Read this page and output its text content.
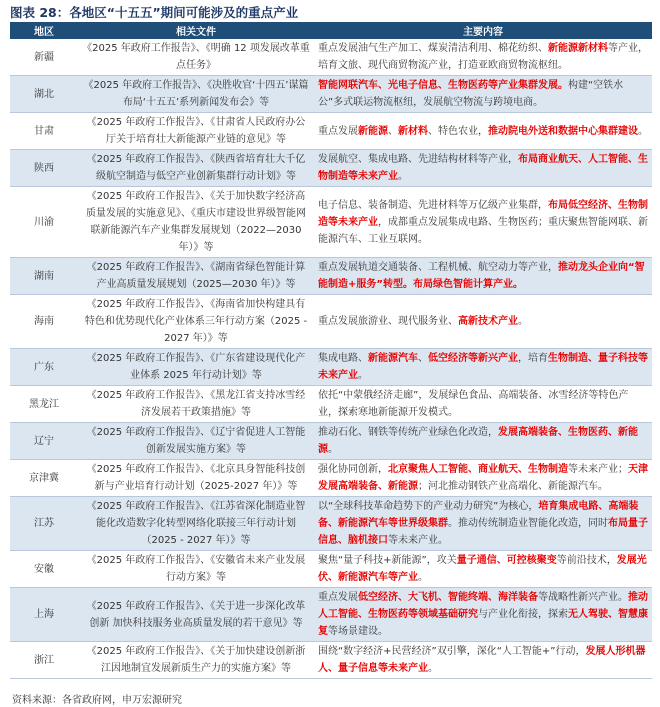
图表 28：各地区“十五五”期间可能涉及的重点产业
地区	相关文件	主要内容
新疆	《2025 年政府工作报告》、《明确 12 项发展改革重点任务》	重点发展油气生产加工、煤炭清洁利用、棉花纺织、新能源新材料等产业，培育文旅、现代商贸物流产业，打造亚欧商贸物流枢纽。
湖北	《2025 年政府工作报告》、《决胜收官‘十四五’谋篇布局‘十五五’系列新闻发布会》等	智能网联汽车、光电子信息、生物医药等产业集群发展。构建“空铁水公”多式联运物流枢纽，发展航空物流与跨境电商。
甘肃	《2025 年政府工作报告》、《甘肃省人民政府办公厅关于培育壮大新能源产业链的意见》等	重点发展新能源、新材料、特色农业，推动院电外送和数据中心集群建设。
陕西	《2025 年政府工作报告》、《陕西省培育壮大千亿级航空制造与低空产业创新集群行动计划》等	发展航空、集成电路、先进结构材料等产业，布局商业航天、人工智能、生物制造等未来产业。
川渝	《2025 年政府工作报告》、《关于加快数字经济高质量发展的实施意见》、《重庆市建设世界级智能网联新能源汽车产业集群发展规划（2022—2030 年）》等	电子信息、装备制造、先进材料等万亿级产业集群，布局低空经济、生物制造等未来产业，成都重点发展集成电路、生物医药；重庆聚焦智能网联、新能源汽车、工业互联网。
湖南	《2025 年政府工作报告》、《湖南省绿色智能计算产业高质量发展规划（2025—2030 年）》等	重点发展轨道交通装备、工程机械、航空动力等产业，推动龙头企业向“智能制造+服务”转型。布局绿色智能计算产业。
海南	《2025 年政府工作报告》、《海南省加快构建具有特色和优势现代化产业体系三年行动方案（2025 - 2027 年）》等	重点发展旅游业、现代服务业、高新技术产业。
广东	《2025 年政府工作报告》、《广东省建设现代化产业体系 2025 年行动计划》等	集成电路、新能源汽车、低空经济等新兴产业，培育生物制造、量子科技等未来产业。
黑龙江	《2025 年政府工作报告》、《黑龙江省支持冰雪经济发展若干政策措施》等	依托“中蒙俄经济走廊”，发展绿色食品、高端装备、冰雪经济等特色产业，探索寒地新能源开发模式。
辽宁	《2025 年政府工作报告》、《辽宁省促进人工智能创新发展实施方案》等	推动石化、钢铁等传统产业绿色化改造，发展高端装备、生物医药、新能源。
京津冀	《2025 年政府工作报告》、《北京具身智能科技创新与产业培育行动计划（2025-2027 年）》等	强化协同创新，北京聚焦人工智能、商业航天、生物制造等未来产业；天津发展高端装备、新能源；河北推动钢铁产业高端化、新能源汽车。
江苏	《2025 年政府工作报告》、《江苏省深化制造业智能化改造数字化转型网络化联接三年行动计划（2025 - 2027 年）》等	以“全球科技革命趋势下的产业动力研究”为核心，培育集成电路、高端装备、新能源汽车等世界级集群。推动传统制造业智能化改造，同时布局量子信息、脑机接口等未来产业。
安徽	《2025 年政府工作报告》、《安徽省未来产业发展行动方案》等	聚焦“量子科技+新能源”，攻关量子通信、可控核聚变等前沿技术，发展光伏、新能源汽车等产业。
上海	《2025 年政府工作报告》、《关于进一步深化改革创新 加快科技服务业高质量发展的若干意见》等	重点发展低空经济、大飞机、智能终端、海洋装备等战略性新兴产业。推动人工智能、生物医药等领域基础研究与产业化衔接，探索无人驾驶、智慧康复等场景建设。
浙江	《2025 年政府工作报告》、《关于加快建设创新浙江因地制宜发展新质生产力的实施方案》等	围绕“数字经济+民营经济”双引擎，深化“人工智能+”行动，发展人形机器人、量子信息等未来产业。
资料来源：各省政府网，申万宏源研究
